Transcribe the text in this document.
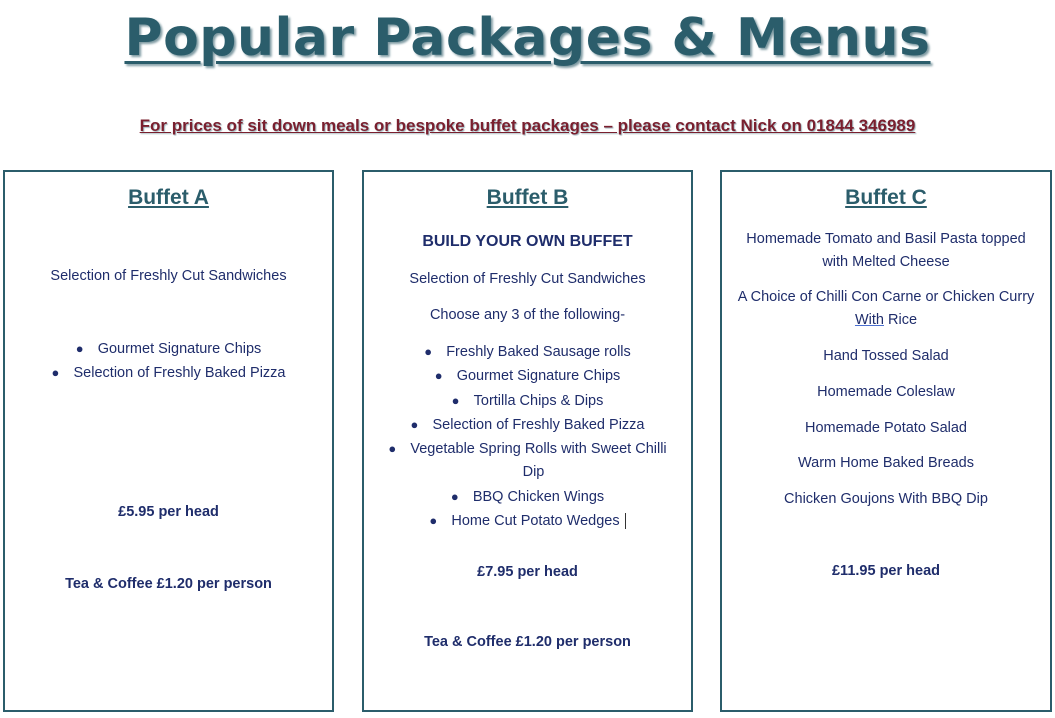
Popular Packages & Menus
For prices of sit down meals or bespoke buffet packages – please contact Nick on 01844 346989
Buffet A
Selection of Freshly Cut Sandwiches
● Gourmet Signature Chips
● Selection of Freshly Baked Pizza
£5.95 per head
Tea & Coffee £1.20 per person
Buffet B
BUILD YOUR OWN BUFFET
Selection of Freshly Cut Sandwiches
Choose any 3 of the following-
● Freshly Baked Sausage rolls
● Gourmet Signature Chips
● Tortilla Chips & Dips
● Selection of Freshly Baked Pizza
● Vegetable Spring Rolls with Sweet Chilli
Dip
● BBQ Chicken Wings
● Home Cut Potato Wedges
£7.95 per head
Tea & Coffee £1.20 per person
Buffet C
Homemade Tomato and Basil Pasta topped
with Melted Cheese
A Choice of Chilli Con Carne or Chicken Curry
With Rice
Hand Tossed Salad
Homemade Coleslaw
Homemade Potato Salad
Warm Home Baked Breads
Chicken Goujons With BBQ Dip
£11.95 per head
